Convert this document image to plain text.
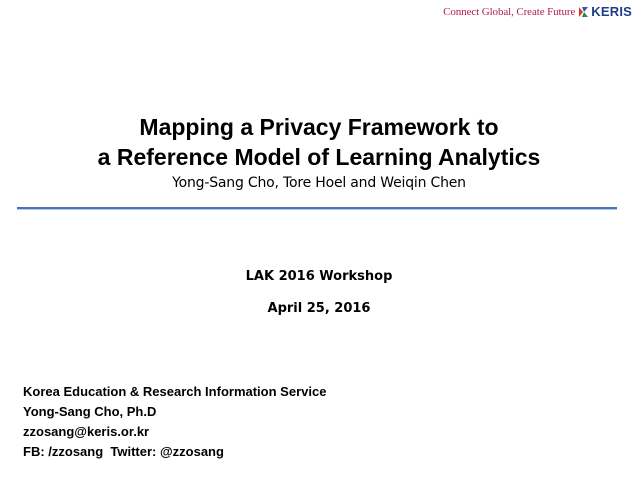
Connect Global, Create Future KERIS
Mapping a Privacy Framework to
a Reference Model of Learning Analytics
Yong-Sang Cho, Tore Hoel and Weiqin Chen
LAK 2016 Workshop
April 25, 2016
Korea Education & Research Information Service
Yong-Sang Cho, Ph.D
zzosang@keris.or.kr
FB: /zzosang  Twitter: @zzosang
